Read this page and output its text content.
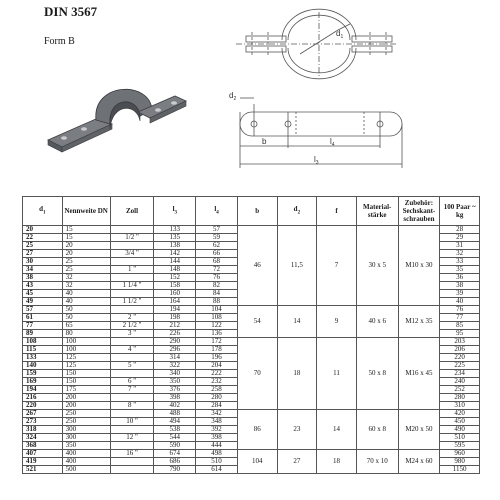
DIN 3567
Form B
$d_1$
$d_2$
b	$l_4$
$l_3$
$d_1$	Nennweite DN	Zoll	$l_3$	$l_4$	b	$d_2$	f	Material-stärke	Zubehör: Sechskant-schrauben	100 Paar ~ kg
20	15		133	57	46	11,5	7	30 x 5	M10 x 30	28
22	15	1/2 "	135	59						29
25	20		138	62						31
27	20	3/4 "	142	66						32
30	25		144	68						33
34	25	1 "	148	72						35
38	32		152	76						36
43	32	1 1/4 "	158	82						38
45	40		160	84						39
49	40	1 1/2 "	164	88						40
57	50		194	104	54	14	9	40 x 6	M12 x 35	76
61	50	2 "	198	108						77
77	65	2 1/2 "	212	122						85
89	80	3 "	226	136						95
108	100		290	172	70	18	11	50 x 8	M16 x 45	203
115	100	4 "	296	178						206
133	125		314	196						220
140	125	5 "	322	204						225
159	150		340	222						234
169	150	6 "	350	232						240
194	175	7 "	376	258						252
216	200		398	280						280
220	200	8 "	402	284						310
267	250		488	342	86	23	14	60 x 8	M20 x 50	420
273	250	10 "	494	348						450
318	300		538	392						490
324	300	12 "	544	398						510
368	350		590	444						595
407	400	16 "	674	498	104	27	18	70 x 10	M24 x 60	960
419	400		686	510						980
521	500		790	614						1150
